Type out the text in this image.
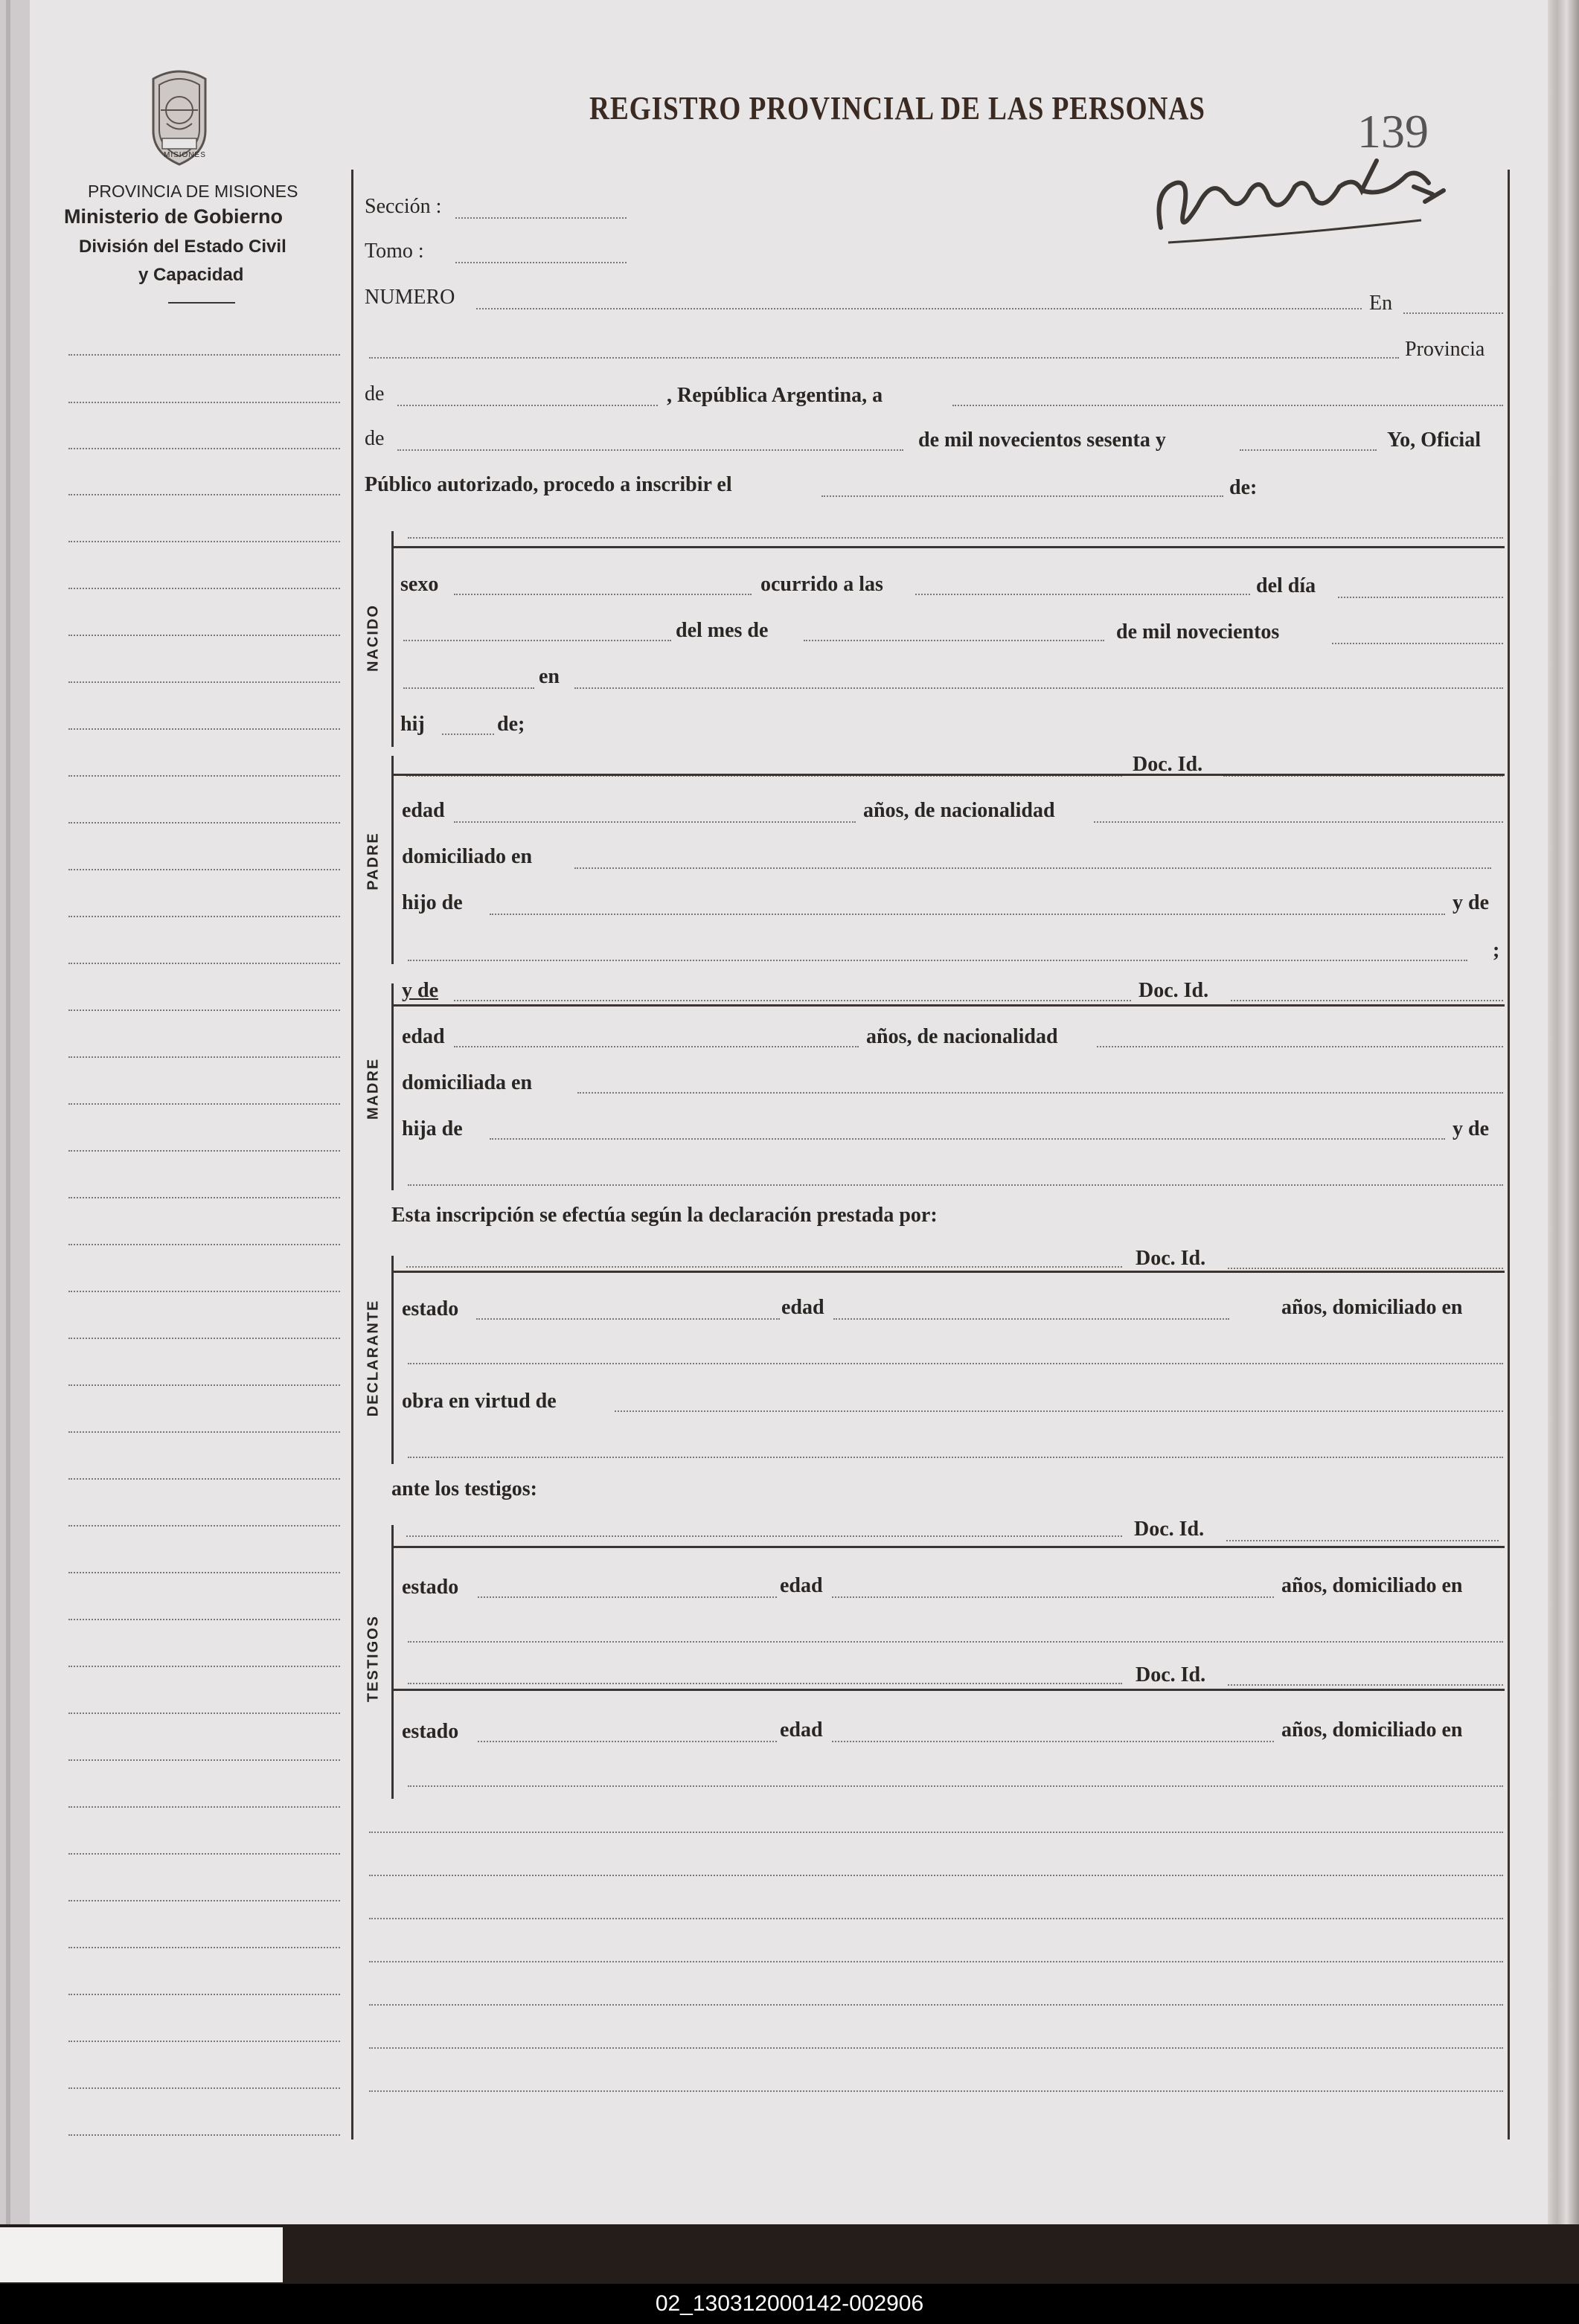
MISIONES
PROVINCIA DE MISIONES
Ministerio de Gobierno
División del Estado Civil
y Capacidad
REGISTRO PROVINCIAL DE LAS PERSONAS	139
Sección :
Tomo :
NUMERO	En
Provincia
de	, República Argentina, a
de	de mil novecientos sesenta y	Yo, Oficial
Público autorizado, procedo a inscribir el	de:
NACIDO
sexo	ocurrido a las	del día
del mes de	de mil novecientos
en
hij	de;
PADRE
Doc. Id.
edad	años, de nacionalidad
domiciliado en
hijo de	y de
;
MADRE
y de	Doc. Id.
edad	años, de nacionalidad
domiciliada en
hija de	y de
Esta inscripción se efectúa según la declaración prestada por:
DECLARANTE
Doc. Id.
estado	edad	años, domiciliado en
obra en virtud de
ante los testigos:
TESTIGOS
Doc. Id.
estado	edad	años, domiciliado en
Doc. Id.
estado	edad	años, domiciliado en
02_130312000142-002906
